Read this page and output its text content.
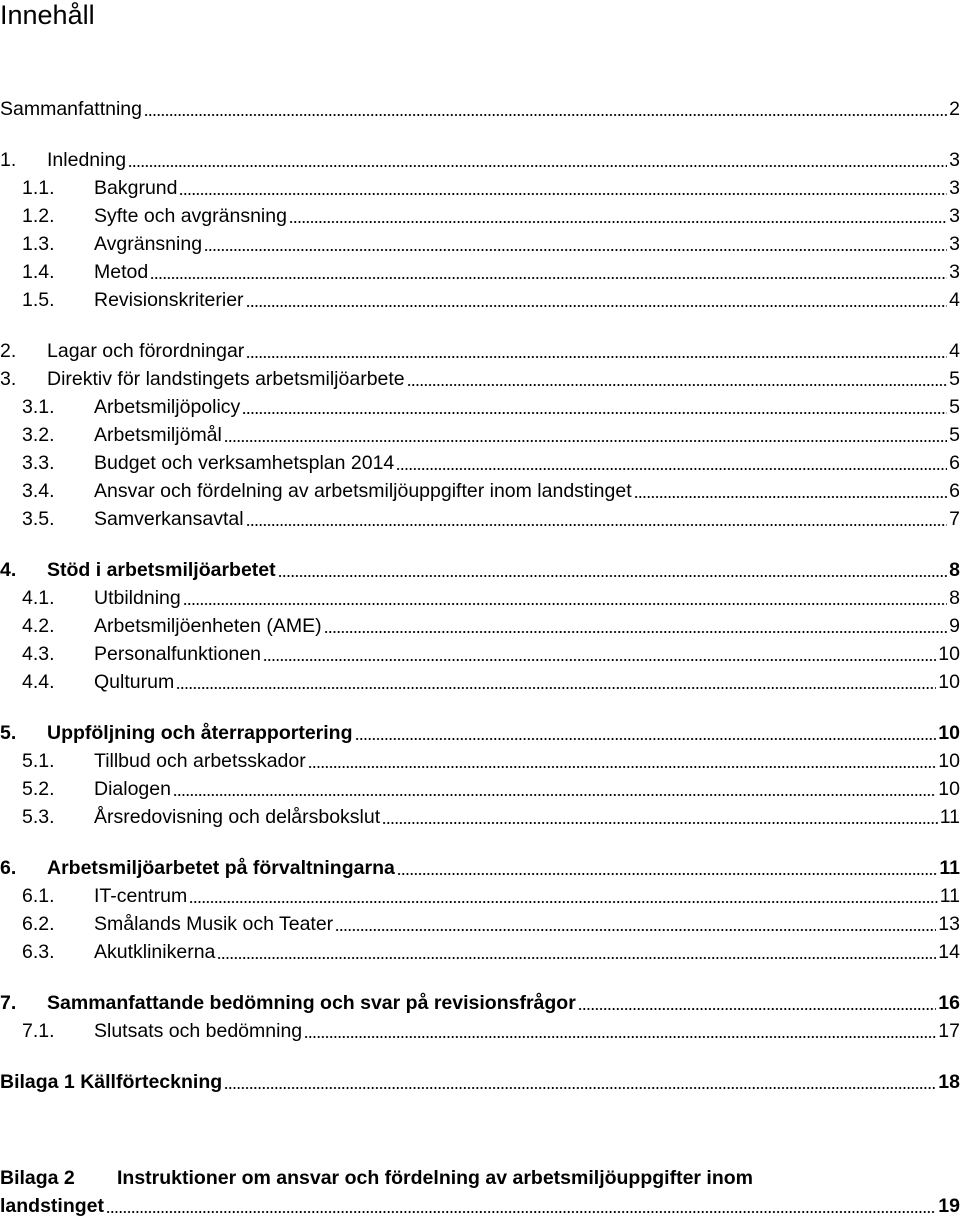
Innehåll
Sammanfattning	2
1.	Inledning	3
1.1.	Bakgrund	3
1.2.	Syfte och avgränsning	3
1.3.	Avgränsning	3
1.4.	Metod	3
1.5.	Revisionskriterier	4
2.	Lagar och förordningar	4
3.	Direktiv för landstingets arbetsmiljöarbete	5
3.1.	Arbetsmiljöpolicy	5
3.2.	Arbetsmiljömål	5
3.3.	Budget och verksamhetsplan 2014	6
3.4.	Ansvar och fördelning av arbetsmiljöuppgifter inom landstinget	6
3.5.	Samverkansavtal	7
4.	Stöd i arbetsmiljöarbetet	8
4.1.	Utbildning	8
4.2.	Arbetsmiljöenheten (AME)	9
4.3.	Personalfunktionen	10
4.4.	Qulturum	10
5.	Uppföljning och återrapportering	10
5.1.	Tillbud och arbetsskador	10
5.2.	Dialogen	10
5.3.	Årsredovisning och delårsbokslut	11
6.	Arbetsmiljöarbetet på förvaltningarna	11
6.1.	IT-centrum	11
6.2.	Smålands Musik och Teater	13
6.3.	Akutklinikerna	14
7.	Sammanfattande bedömning och svar på revisionsfrågor	16
7.1.	Slutsats och bedömning	17
Bilaga 1 Källförteckning	18
Bilaga 2	Instruktioner om ansvar och fördelning av arbetsmiljöuppgifter inom
landstinget	19
